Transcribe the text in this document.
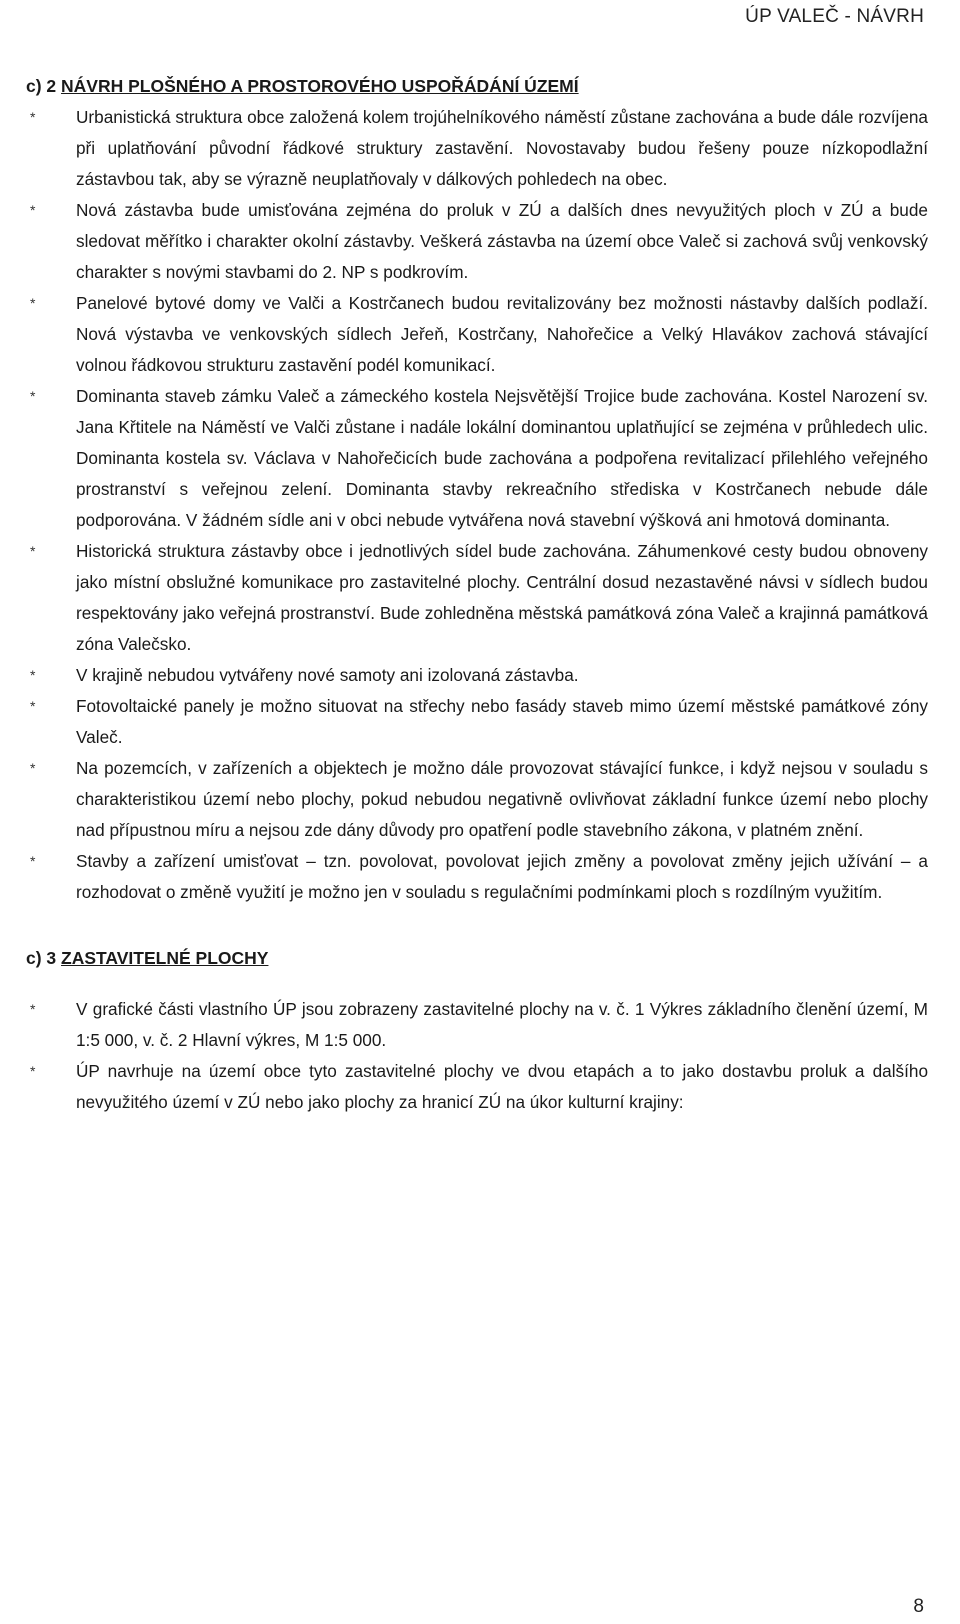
ÚP VALEČ - NÁVRH
c) 2 NÁVRH PLOŠNÉHO A PROSTOROVÉHO USPOŘÁDÁNÍ ÚZEMÍ
* Urbanistická struktura obce založená kolem trojúhelníkového náměstí zůstane zachována a bude dále rozvíjena při uplatňování původní řádkové struktury zastavění. Novostavaby budou řešeny pouze nízkopodlažní zástavbou tak, aby se výrazně neuplatňovaly v dálkových pohledech na obec.
* Nová zástavba bude umisťována zejména do proluk v ZÚ a dalších dnes nevyužitých ploch v ZÚ a bude sledovat měřítko i charakter okolní zástavby. Veškerá zástavba na území obce Valeč si zachová svůj venkovský charakter s novými stavbami do 2. NP s podkrovím.
* Panelové bytové domy ve Valči a Kostrčanech budou revitalizovány bez možnosti nástavby dalších podlaží. Nová výstavba ve venkovských sídlech Jeřeň, Kostrčany, Nahořečice a Velký Hlavákov zachová stávající volnou řádkovou strukturu zastavění podél komunikací.
* Dominanta staveb zámku Valeč a zámeckého kostela Nejsvětější Trojice bude zachována. Kostel Narození sv. Jana Křtitele na Náměstí ve Valči zůstane i nadále lokální dominantou uplatňující se zejména v průhledech ulic. Dominanta kostela sv. Václava v Nahořečicích bude zachována a podpořena revitalizací přilehlého veřejného prostranství s veřejnou zelení. Dominanta stavby rekreačního střediska v Kostrčanech nebude dále podporována. V žádném sídle ani v obci nebude vytvářena nová stavební výšková ani hmotová dominanta.
* Historická struktura zástavby obce i jednotlivých sídel bude zachována. Záhumenkové cesty budou obnoveny jako místní obslužné komunikace pro zastavitelné plochy. Centrální dosud nezastavěné návsi v sídlech budou respektovány jako veřejná prostranství. Bude zohledněna městská památková zóna Valeč a krajinná památková zóna Valečsko.
* V krajině nebudou vytvářeny nové samoty ani izolovaná zástavba.
* Fotovoltaické panely je možno situovat na střechy nebo fasády staveb mimo území městské památkové zóny Valeč.
* Na pozemcích, v zařízeních a objektech je možno dále provozovat stávající funkce, i když nejsou v souladu s charakteristikou území nebo plochy, pokud nebudou negativně ovlivňovat základní funkce území nebo plochy nad přípustnou míru a nejsou zde dány důvody pro opatření podle stavebního zákona, v platném znění.
* Stavby a zařízení umisťovat – tzn. povolovat, povolovat jejich změny a povolovat změny jejich užívání – a rozhodovat o změně využití je možno jen v souladu s regulačními podmínkami ploch s rozdílným využitím.
c) 3 ZASTAVITELNÉ PLOCHY
* V grafické části vlastního ÚP jsou zobrazeny zastavitelné plochy na v. č. 1 Výkres základního členění území, M 1:5 000, v. č. 2 Hlavní výkres, M 1:5 000.
* ÚP navrhuje na území obce tyto zastavitelné plochy ve dvou etapách a to jako dostavbu proluk a dalšího nevyužitého území v ZÚ nebo jako plochy za hranicí ZÚ na úkor kulturní krajiny:
8
